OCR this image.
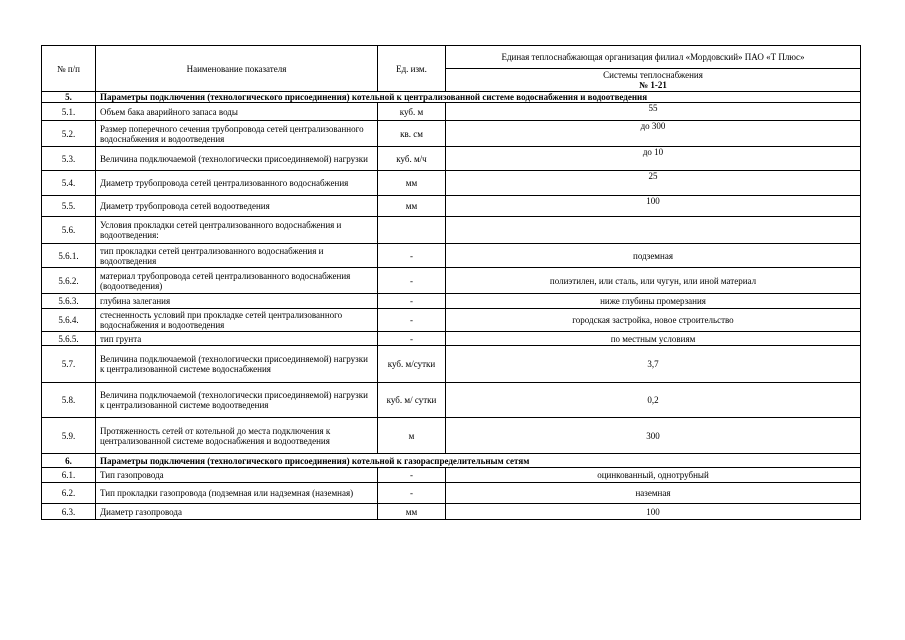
№ п/п	Наименование показателя	Ед. изм.	Единая теплоснабжающая организация филиал «Мордовский» ПАО «Т Плюс»

			Системы теплоснабжения
№ 1-21

5.	Параметры подключения (технологического присоединения) котельной к централизованной системе водоснабжения и водоотведения		
5.1.	Объем бака аварийного запаса воды	куб. м	55
5.2.	Размер поперечного сечения трубопровода сетей централизованного водоснабжения и водоотведения	кв. см	до 300
5.3.	Величина подключаемой (технологически присоединяемой) нагрузки	куб. м/ч	до 10
5.4.	Диаметр трубопровода сетей централизованного водоснабжения	мм	25
5.5.	Диаметр трубопровода сетей водоотведения	мм	100
5.6.	Условия прокладки сетей централизованного водоснабжения и водоотведения:		
5.6.1.	тип прокладки сетей централизованного водоснабжения и водоотведения	-	подземная
5.6.2.	материал трубопровода сетей централизованного водоснабжения (водоотведения)	-	полиэтилен, или сталь, или чугун, или иной материал
5.6.3.	глубина залегания	-	ниже глубины промерзания
5.6.4.	стесненность условий при прокладке сетей централизованного водоснабжения и водоотведения	-	городская застройка, новое строительство
5.6.5.	тип грунта	-	по местным условиям
5.7.	Величина подключаемой (технологически присоединяемой) нагрузки к централизованной системе водоснабжения	куб. м/сутки	3,7
5.8.	Величина подключаемой (технологически присоединяемой) нагрузки к централизованной системе водоотведения	куб. м/ сутки	0,2
5.9.	Протяженность сетей от котельной до места подключения к централизованной системе водоснабжения и водоотведения	м	300
6.	Параметры подключения (технологического присоединения) котельной к газораспределительным сетям		
6.1.	Тип газопровода	-	оцинкованный, однотрубный
6.2.	Тип прокладки газопровода (подземная или надземная (наземная)	-	наземная
6.3.	Диаметр газопровода	мм	100
